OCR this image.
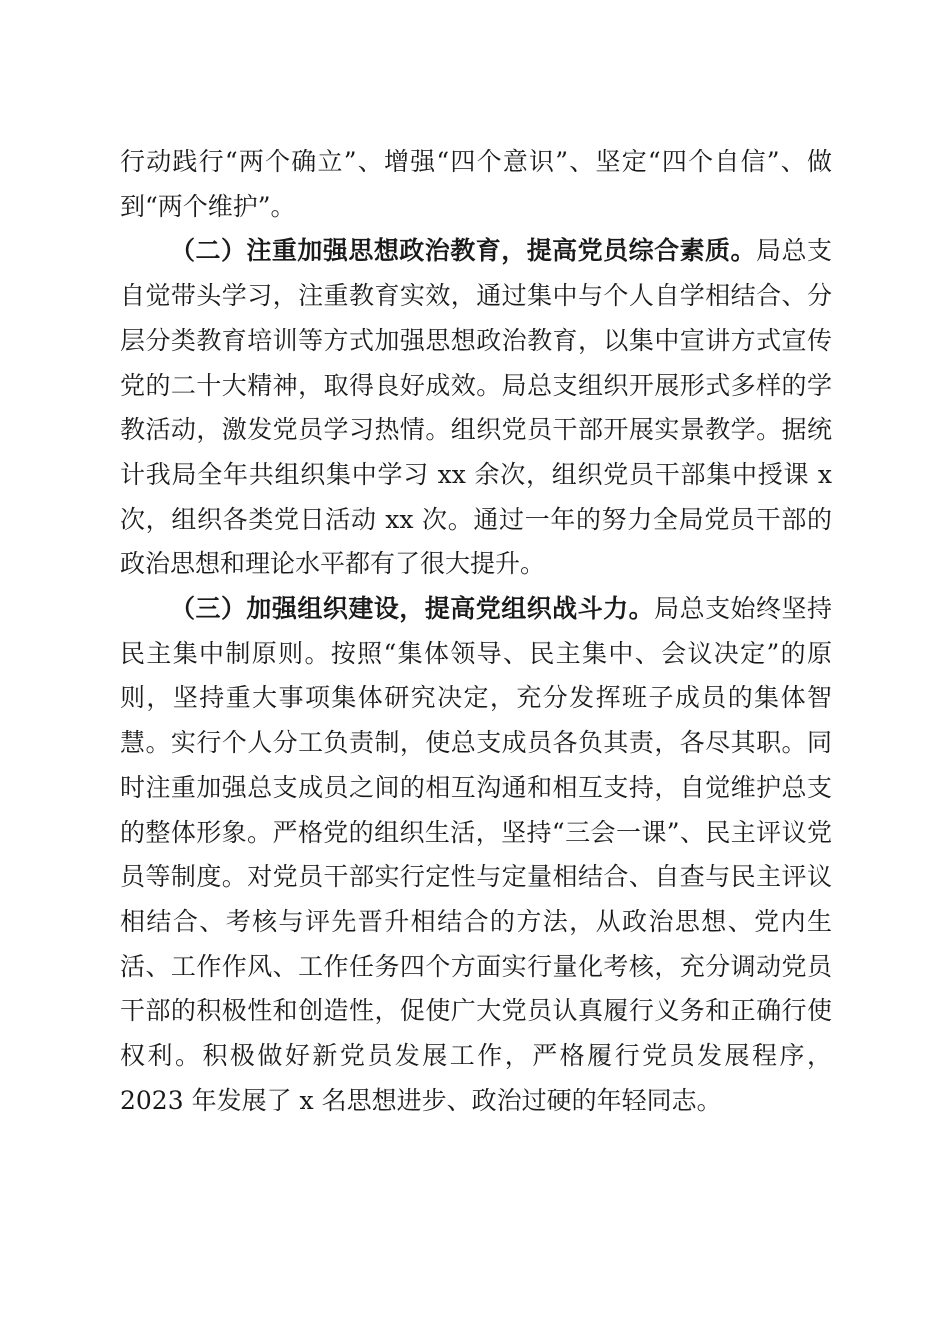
行动践行“两个确立”、增强“四个意识”、坚定“四个自信”、做到“两个维护”。

（二）注重加强思想政治教育，提高党员综合素质。局总支自觉带头学习，注重教育实效，通过集中与个人自学相结合、分层分类教育培训等方式加强思想政治教育，以集中宣讲方式宣传党的二十大精神，取得良好成效。局总支组织开展形式多样的学教活动，激发党员学习热情。组织党员干部开展实景教学。据统计我局全年共组织集中学习 xx 余次，组织党员干部集中授课 x 次，组织各类党日活动 xx 次。通过一年的努力全局党员干部的政治思想和理论水平都有了很大提升。

（三）加强组织建设，提高党组织战斗力。局总支始终坚持民主集中制原则。按照“集体领导、民主集中、会议决定”的原则，坚持重大事项集体研究决定，充分发挥班子成员的集体智慧。实行个人分工负责制，使总支成员各负其责，各尽其职。同时注重加强总支成员之间的相互沟通和相互支持，自觉维护总支的整体形象。严格党的组织生活，坚持“三会一课”、民主评议党员等制度。对党员干部实行定性与定量相结合、自查与民主评议相结合、考核与评先晋升相结合的方法，从政治思想、党内生活、工作作风、工作任务四个方面实行量化考核，充分调动党员干部的积极性和创造性，促使广大党员认真履行义务和正确行使权利。积极做好新党员发展工作，严格履行党员发展程序，2023 年发展了 x 名思想进步、政治过硬的年轻同志。
